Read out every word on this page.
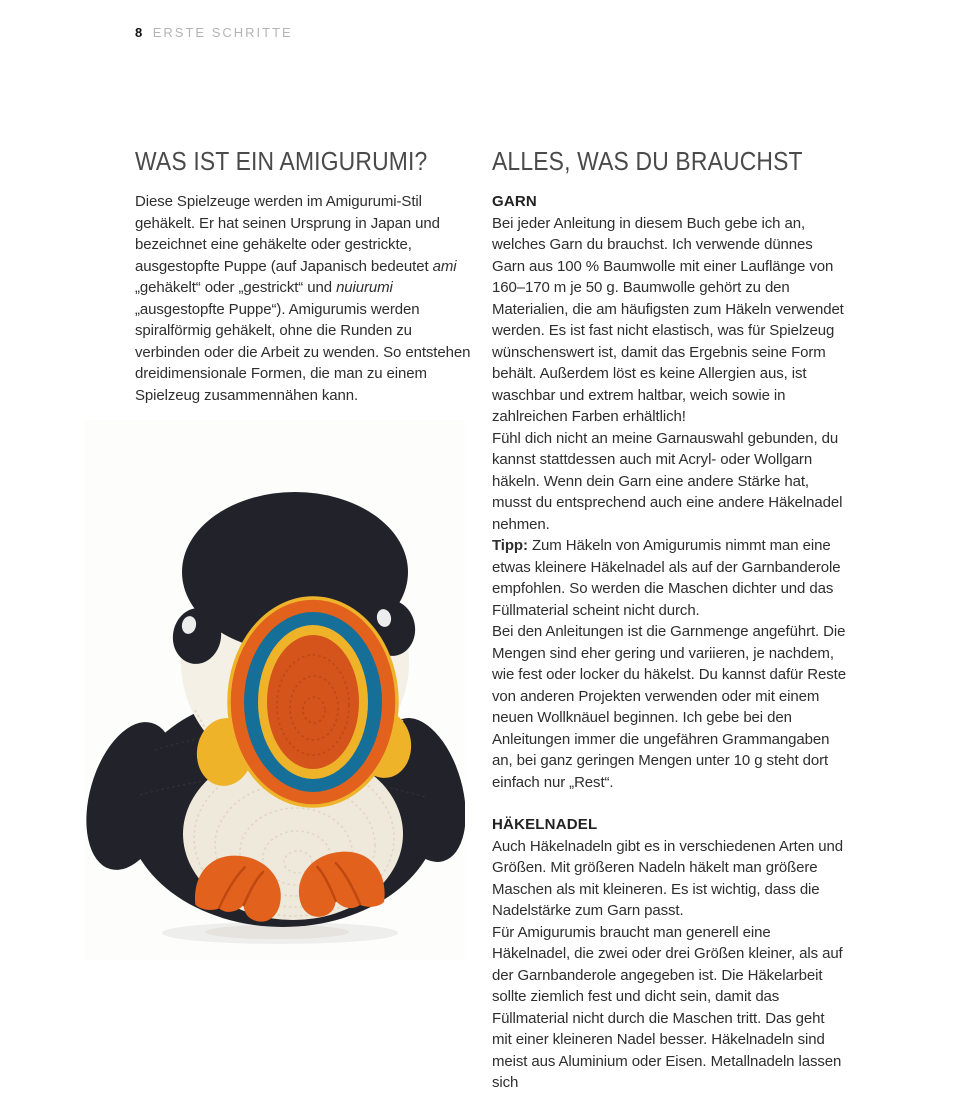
8 ERSTE SCHRITTE
WAS IST EIN AMIGURUMI?

Diese Spielzeuge werden im Amigurumi-Stil gehäkelt. Er hat seinen Ursprung in Japan und bezeichnet eine gehäkelte oder gestrickte, ausgestopfte Puppe (auf Japanisch bedeutet ami „gehäkelt“ oder „gestrickt“ und nuiurumi „ausgestopfte Puppe“). Amigurumis werden spiralförmig gehäkelt, ohne die Runden zu verbinden oder die Arbeit zu wenden. So entstehen dreidimensionale Formen, die man zu einem Spielzeug zusammennähen kann.

ALLES, WAS DU BRAUCHST
GARN

Bei jeder Anleitung in diesem Buch gebe ich an, welches Garn du brauchst. Ich verwende dünnes Garn aus 100 % Baumwolle mit einer Lauflänge von 160–170 m je 50 g. Baumwolle gehört zu den Materialien, die am häufigsten zum Häkeln verwendet werden. Es ist fast nicht elastisch, was für Spielzeug wünschenswert ist, damit das Ergebnis seine Form behält. Außerdem löst es keine Allergien aus, ist waschbar und extrem haltbar, weich sowie in zahlreichen Farben erhältlich!

Fühl dich nicht an meine Garnauswahl gebunden, du kannst stattdessen auch mit Acryl- oder Wollgarn häkeln. Wenn dein Garn eine andere Stärke hat, musst du entsprechend auch eine andere Häkelnadel nehmen.

Tipp: Zum Häkeln von Amigurumis nimmt man eine etwas kleinere Häkelnadel als auf der Garnbanderole empfohlen. So werden die Maschen dichter und das Füllmaterial scheint nicht durch.

Bei den Anleitungen ist die Garnmenge angeführt. Die Mengen sind eher gering und variieren, je nachdem, wie fest oder locker du häkelst. Du kannst dafür Reste von anderen Projekten verwenden oder mit einem neuen Wollknäuel beginnen. Ich gebe bei den Anleitungen immer die ungefähren Grammangaben an, bei ganz geringen Mengen unter 10 g steht dort einfach nur „Rest“.

HÄKELNADEL

Auch Häkelnadeln gibt es in verschiedenen Arten und Größen. Mit größeren Nadeln häkelt man größere Maschen als mit kleineren. Es ist wichtig, dass die Nadelstärke zum Garn passt.

Für Amigurumis braucht man generell eine Häkelnadel, die zwei oder drei Größen kleiner, als auf der Garnbanderole angegeben ist. Die Häkelarbeit sollte ziemlich fest und dicht sein, damit das Füllmaterial nicht durch die Maschen tritt. Das geht mit einer kleineren Nadel besser. Häkelnadeln sind meist aus Aluminium oder Eisen. Metallnadeln lassen sich
